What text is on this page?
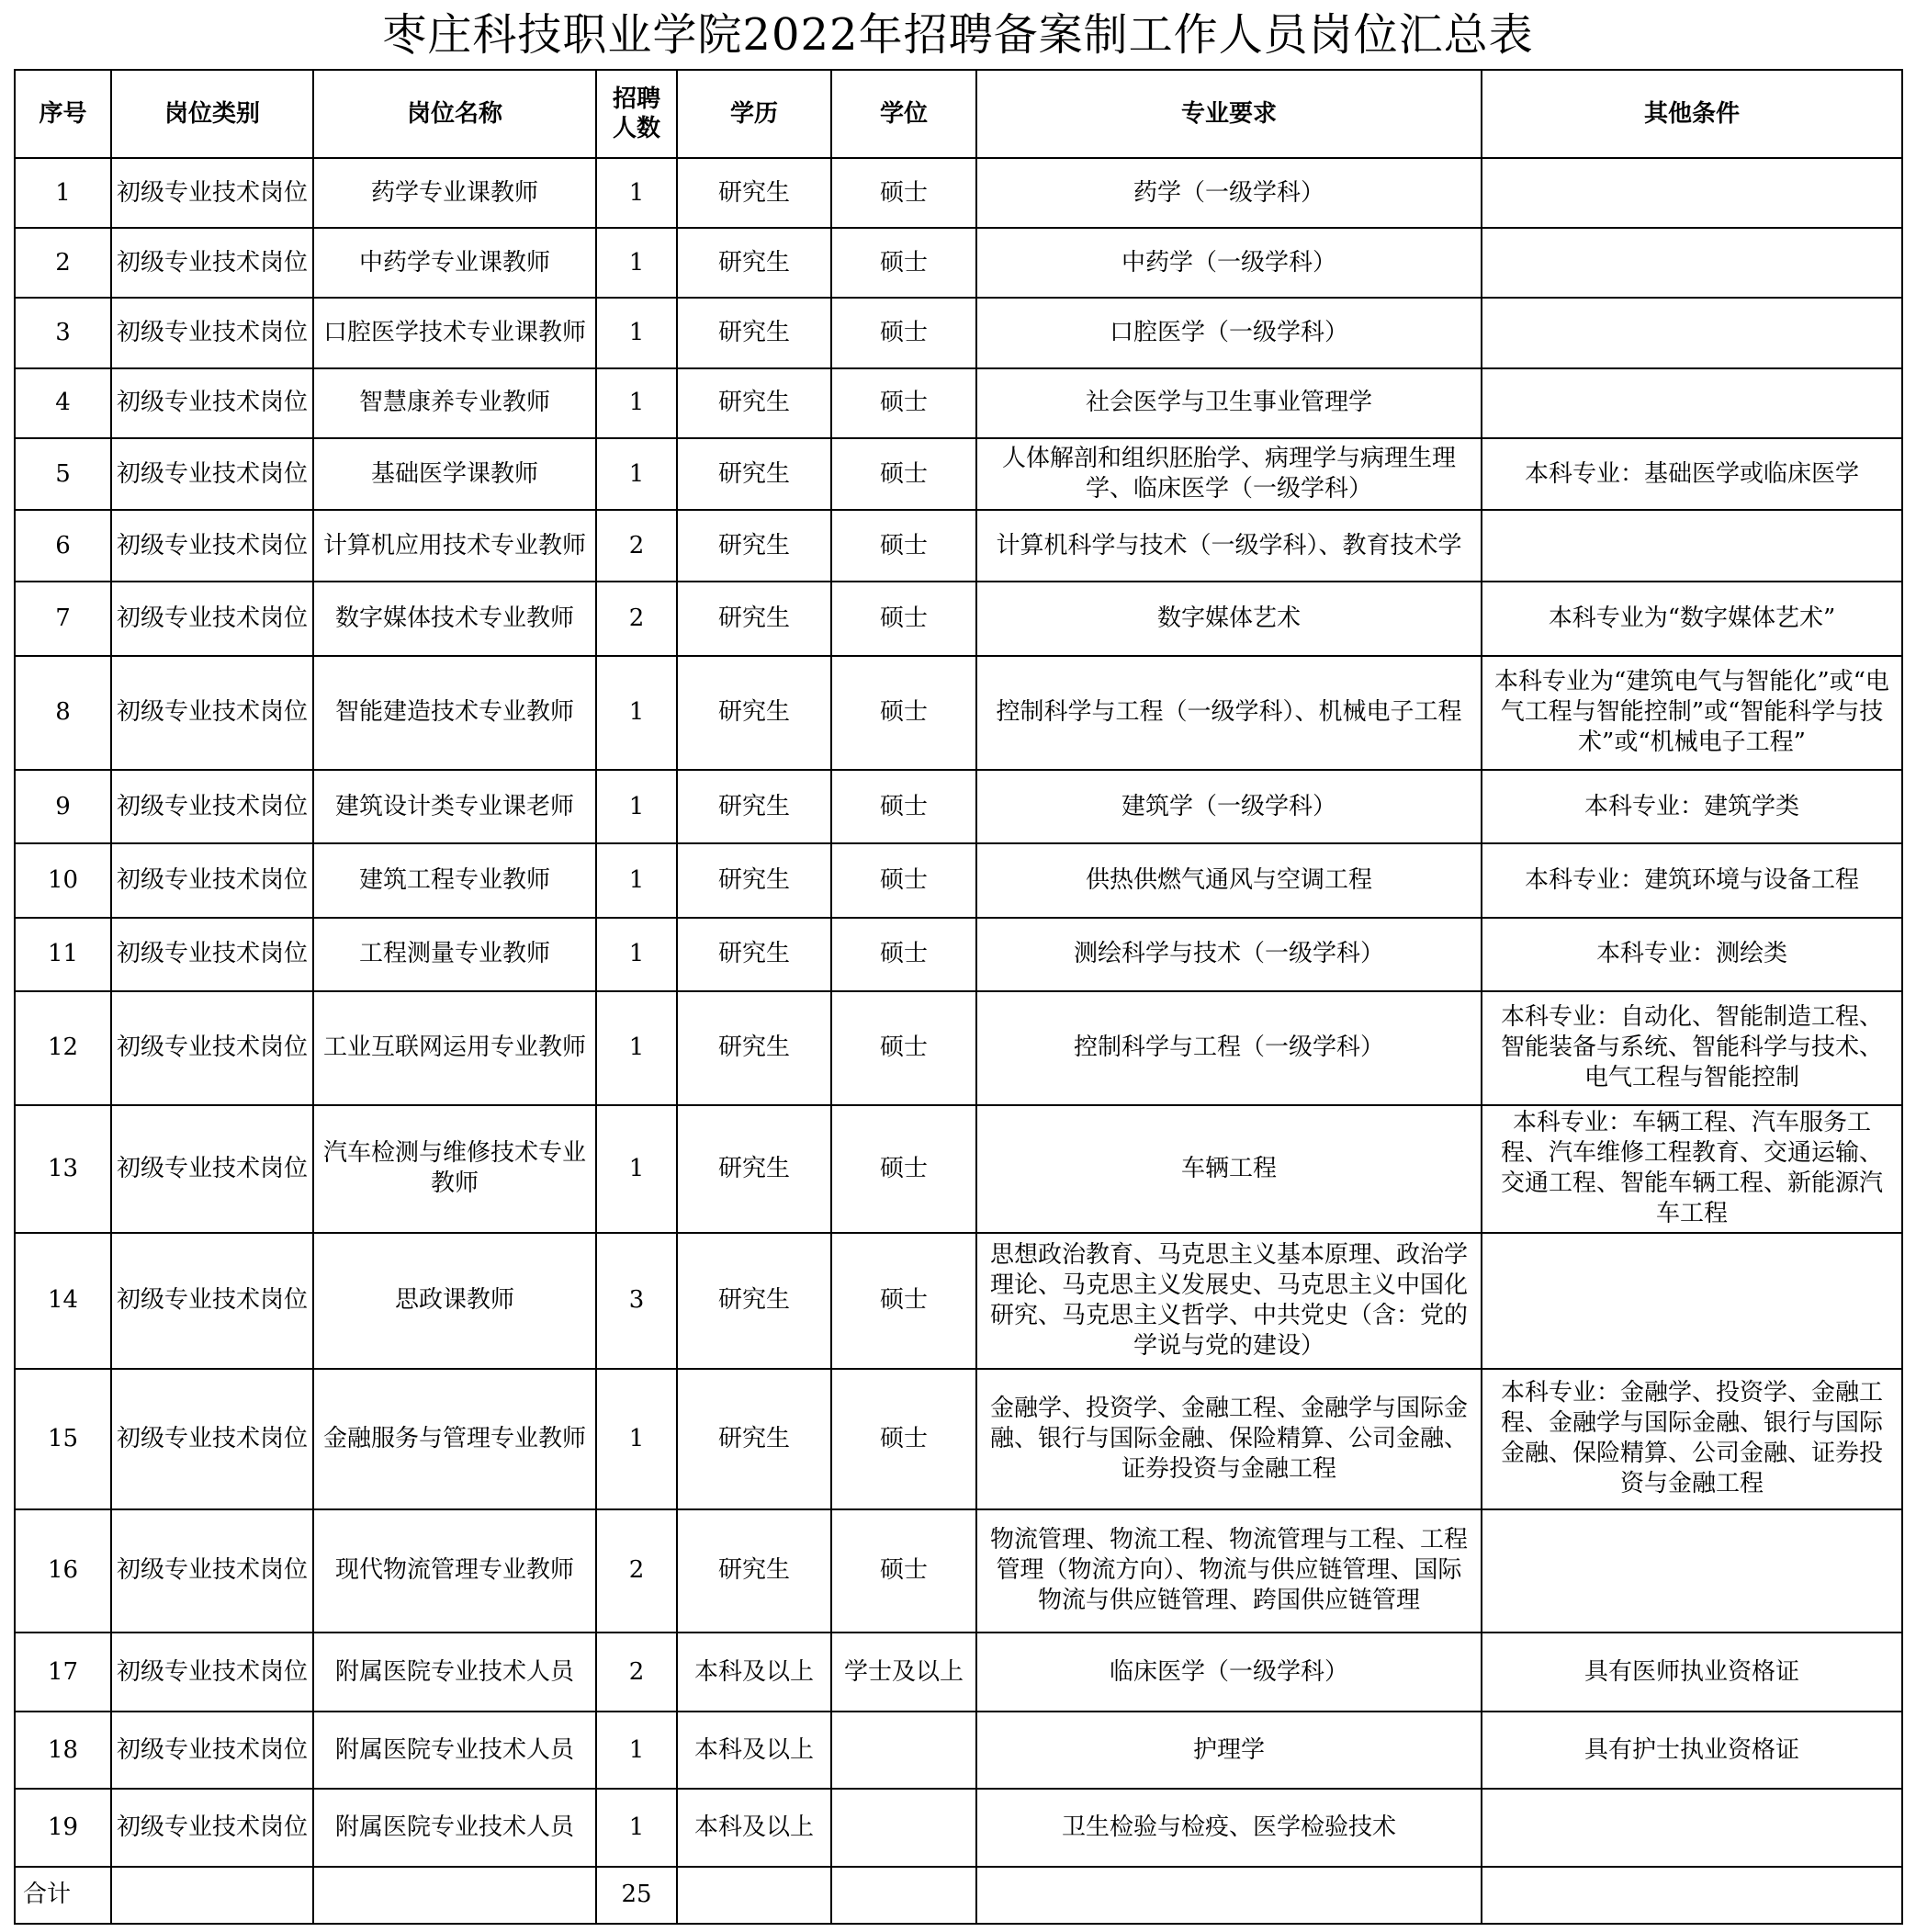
枣庄科技职业学院2022年招聘备案制工作人员岗位汇总表
序号	岗位类别	岗位名称	招聘人数	学历	学位	专业要求	其他条件
1	初级专业技术岗位	药学专业课教师	1	研究生	硕士	药学（一级学科）	
2	初级专业技术岗位	中药学专业课教师	1	研究生	硕士	中药学（一级学科）	
3	初级专业技术岗位	口腔医学技术专业课教师	1	研究生	硕士	口腔医学（一级学科）	
4	初级专业技术岗位	智慧康养专业教师	1	研究生	硕士	社会医学与卫生事业管理学	
5	初级专业技术岗位	基础医学课教师	1	研究生	硕士	人体解剖和组织胚胎学、病理学与病理生理学、临床医学（一级学科）	本科专业：基础医学或临床医学
6	初级专业技术岗位	计算机应用技术专业教师	2	研究生	硕士	计算机科学与技术（一级学科）、教育技术学	
7	初级专业技术岗位	数字媒体技术专业教师	2	研究生	硕士	数字媒体艺术	本科专业为“数字媒体艺术”
8	初级专业技术岗位	智能建造技术专业教师	1	研究生	硕士	控制科学与工程（一级学科）、机械电子工程	本科专业为“建筑电气与智能化”或“电气工程与智能控制”或“智能科学与技术”或“机械电子工程”
9	初级专业技术岗位	建筑设计类专业课老师	1	研究生	硕士	建筑学（一级学科）	本科专业：建筑学类
10	初级专业技术岗位	建筑工程专业教师	1	研究生	硕士	供热供燃气通风与空调工程	本科专业：建筑环境与设备工程
11	初级专业技术岗位	工程测量专业教师	1	研究生	硕士	测绘科学与技术（一级学科）	本科专业：测绘类
12	初级专业技术岗位	工业互联网运用专业教师	1	研究生	硕士	控制科学与工程（一级学科）	本科专业：自动化、智能制造工程、智能装备与系统、智能科学与技术、电气工程与智能控制
13	初级专业技术岗位	汽车检测与维修技术专业教师	1	研究生	硕士	车辆工程	本科专业：车辆工程、汽车服务工程、汽车维修工程教育、交通运输、交通工程、智能车辆工程、新能源汽车工程
14	初级专业技术岗位	思政课教师	3	研究生	硕士	思想政治教育、马克思主义基本原理、政治学理论、马克思主义发展史、马克思主义中国化研究、马克思主义哲学、中共党史（含：党的学说与党的建设）	
15	初级专业技术岗位	金融服务与管理专业教师	1	研究生	硕士	金融学、投资学、金融工程、金融学与国际金融、银行与国际金融、保险精算、公司金融、证券投资与金融工程	本科专业：金融学、投资学、金融工程、金融学与国际金融、银行与国际金融、保险精算、公司金融、证券投资与金融工程
16	初级专业技术岗位	现代物流管理专业教师	2	研究生	硕士	物流管理、物流工程、物流管理与工程、工程管理（物流方向）、物流与供应链管理、国际物流与供应链管理、跨国供应链管理	
17	初级专业技术岗位	附属医院专业技术人员	2	本科及以上	学士及以上	临床医学（一级学科）	具有医师执业资格证
18	初级专业技术岗位	附属医院专业技术人员	1	本科及以上		护理学	具有护士执业资格证
19	初级专业技术岗位	附属医院专业技术人员	1	本科及以上		卫生检验与检疫、医学检验技术	
合计			25				
